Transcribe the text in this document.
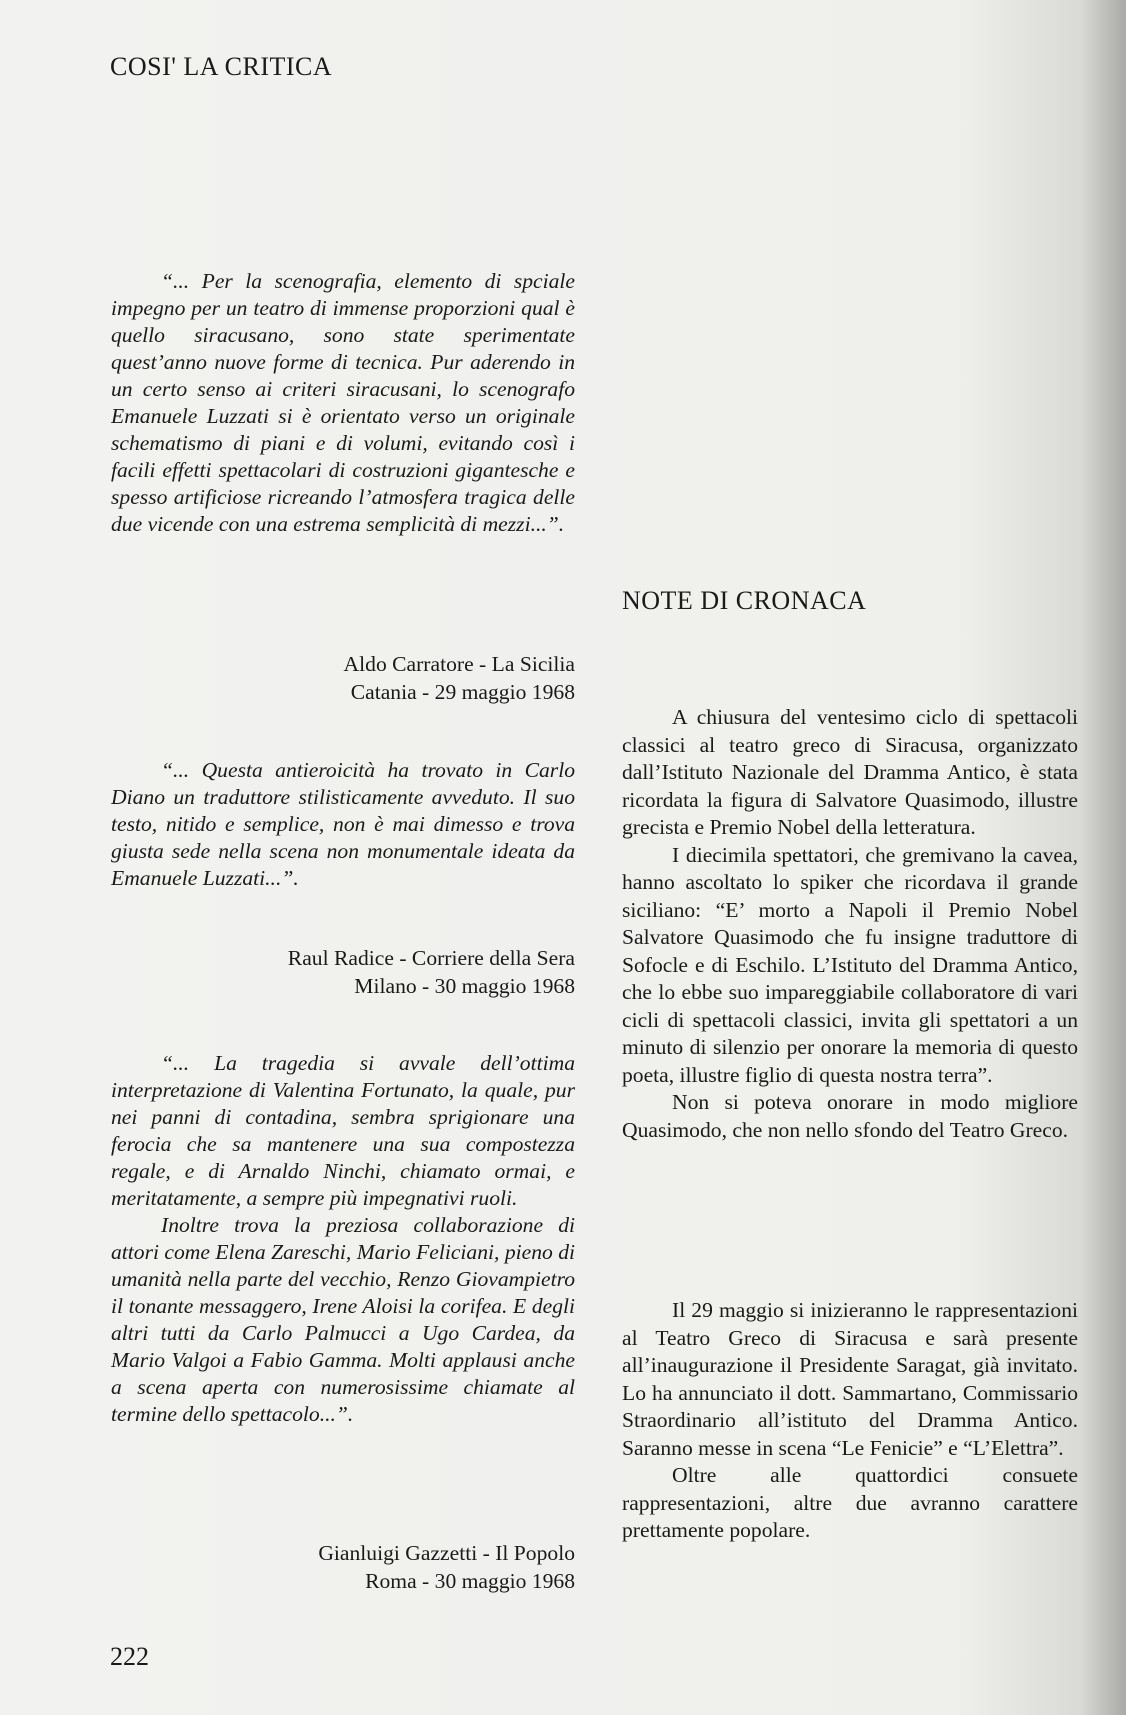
COSI' LA CRITICA

“... Per la scenografia, elemento di spciale impegno per un teatro di immense proporzioni qual è quello siracusano, sono state sperimentate quest’anno nuove forme di tecnica. Pur aderendo in un certo senso ai criteri siracusani, lo scenografo Emanuele Luzzati si è orientato verso un originale schematismo di piani e di volumi, evitando così i facili effetti spettacolari di costruzioni gigantesche e spesso artificiose ricreando l’atmosfera tragica delle due vicende con una estrema semplicità di mezzi...”.

Aldo Carratore - La Sicilia

Catania - 29 maggio 1968

“... Questa antieroicità ha trovato in Carlo Diano un traduttore stilisticamente avveduto. Il suo testo, nitido e semplice, non è mai dimesso e trova giusta sede nella scena non monumentale ideata da Emanuele Luzzati...”.

Raul Radice - Corriere della Sera

Milano - 30 maggio 1968

“... La tragedia si avvale dell’ottima interpretazione di Valentina Fortunato, la quale, pur nei panni di contadina, sembra sprigionare una ferocia che sa mantenere una sua compostezza regale, e di Arnaldo Ninchi, chiamato ormai, e meritatamente, a sempre più impegnativi ruoli.

Inoltre trova la preziosa collaborazione di attori come Elena Zareschi, Mario Feliciani, pieno di umanità nella parte del vecchio, Renzo Giovampietro il tonante messaggero, Irene Aloisi la corifea. E degli altri tutti da Carlo Palmucci a Ugo Cardea, da Mario Valgoi a Fabio Gamma. Molti applausi anche a scena aperta con numerosissime chiamate al termine dello spettacolo...”.

Gianluigi Gazzetti - Il Popolo

Roma - 30 maggio 1968

NOTE DI CRONACA

A chiusura del ventesimo ciclo di spettacoli classici al teatro greco di Siracusa, organizzato dall’Istituto Nazionale del Dramma Antico, è stata ricordata la figura di Salvatore Quasimodo, illustre grecista e Premio Nobel della letteratura.

I diecimila spettatori, che gremivano la cavea, hanno ascoltato lo spiker che ricordava il grande siciliano: “E’ morto a Napoli il Premio Nobel Salvatore Quasimodo che fu insigne traduttore di Sofocle e di Eschilo. L’Istituto del Dramma Antico, che lo ebbe suo impareggiabile collaboratore di vari cicli di spettacoli classici, invita gli spettatori a un minuto di silenzio per onorare la memoria di questo poeta, illustre figlio di questa nostra terra”.

Non si poteva onorare in modo migliore Quasimodo, che non nello sfondo del Teatro Greco.

Il 29 maggio si inizieranno le rappresentazioni al Teatro Greco di Siracusa e sarà presente all’inaugurazione il Presidente Saragat, già invitato. Lo ha annunciato il dott. Sammartano, Commissario Straordinario all’istituto del Dramma Antico. Saranno messe in scena “Le Fenicie” e “L’Elettra”.

Oltre alle quattordici consuete rappresentazioni, altre due avranno carattere prettamente popolare.

222
